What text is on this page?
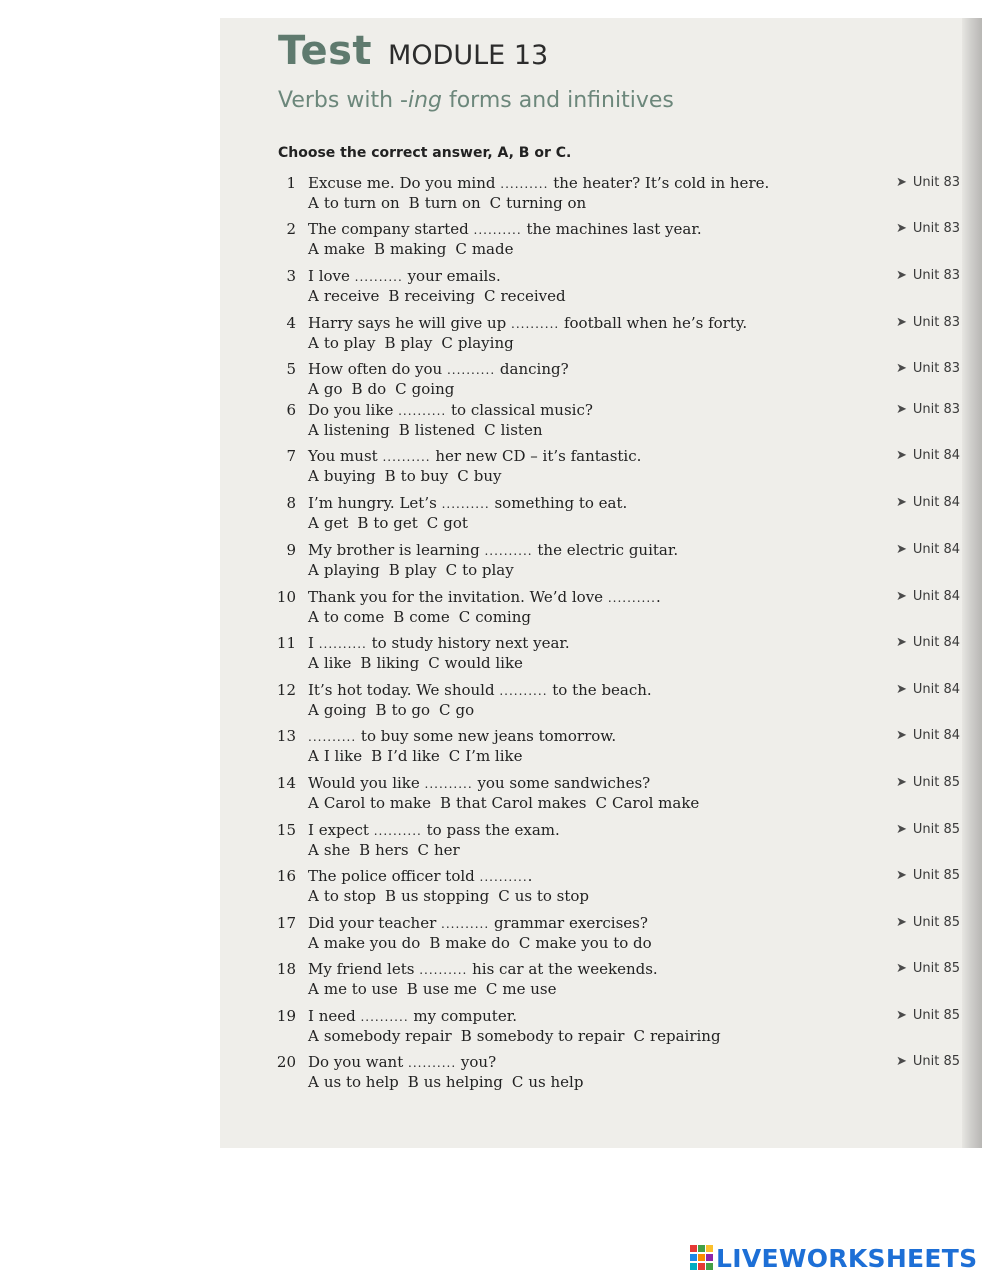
Test MODULE 13
Verbs with -ing forms and infinitives
Choose the correct answer, A, B or C.
1 Excuse me. Do you mind .......... the heater? It’s cold in here.
A to turn on B turn on C turning on
➤ Unit 83
2 The company started .......... the machines last year.
A make B making C made
➤ Unit 83
3 I love .......... your emails.
A receive B receiving C received
➤ Unit 83
4 Harry says he will give up .......... football when he’s forty.
A to play B play C playing
➤ Unit 83
5 How often do you .......... dancing?
A go B do C going
➤ Unit 83
6 Do you like .......... to classical music?
A listening B listened C listen
➤ Unit 83
7 You must .......... her new CD – it’s fantastic.
A buying B to buy C buy
➤ Unit 84
8 I’m hungry. Let’s .......... something to eat.
A get B to get C got
➤ Unit 84
9 My brother is learning .......... the electric guitar.
A playing B play C to play
➤ Unit 84
10 Thank you for the invitation. We’d love ...........
A to come B come C coming
➤ Unit 84
11 I .......... to study history next year.
A like B liking C would like
➤ Unit 84
12 It’s hot today. We should .......... to the beach.
A going B to go C go
➤ Unit 84
13 .......... to buy some new jeans tomorrow.
A I like B I’d like C I’m like
➤ Unit 84
14 Would you like .......... you some sandwiches?
A Carol to make B that Carol makes C Carol make
➤ Unit 85
15 I expect .......... to pass the exam.
A she B hers C her
➤ Unit 85
16 The police officer told ...........
A to stop B us stopping C us to stop
➤ Unit 85
17 Did your teacher .......... grammar exercises?
A make you do B make do C make you to do
➤ Unit 85
18 My friend lets .......... his car at the weekends.
A me to use B use me C me use
➤ Unit 85
19 I need .......... my computer.
A somebody repair B somebody to repair C repairing
➤ Unit 85
20 Do you want .......... you?
A us to help B us helping C us help
➤ Unit 85
LIVEWORKSHEETS
